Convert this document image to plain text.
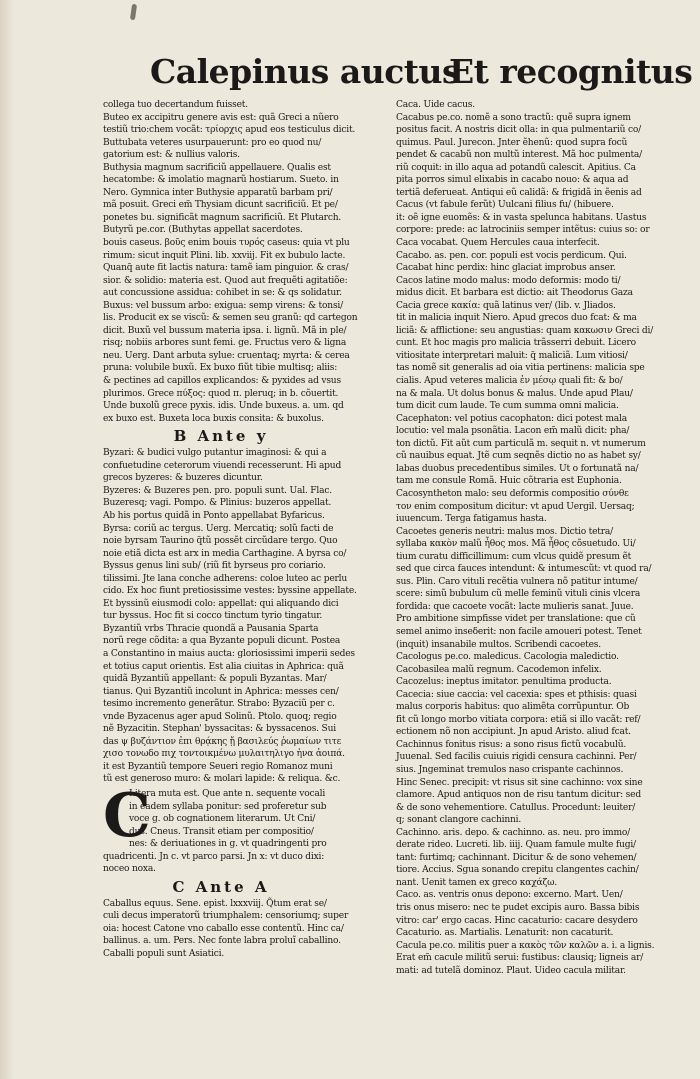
Calepinus auctus
Et recognitus
collega tuo decertandum fuisset.
Buteo ex accipitru genere avis est: quã Greci a nũero
testiũ trio:chem vocãt: τρίορχις apud eos testiculus dicit.
Buttubata veteres usurpauerunt: pro eo quod nu/
gatorium est: & nullius valoris.
Buthysia magnum sacrificiũ appellauere. Qualis est
hecatombe: & imolatio magnarũ hostiarum. Sueto. in
Nero. Gymnica inter Buthysie apparatũ barbam pri/
mã posuit. Greci em̃ Thysiam dicunt sacrificiũ. Et pe/
ponetes bu. significãt magnum sacrificiũ. Et Plutarch.
Butyrũ pe.cor. (Buthytas appellat sacerdotes.
bouis caseus. βοῦς enim bouis τυρός caseus: quia vt plu
rimum: sicut inquit Plini. lib. xxviij. Fit ex bubulo lacte.
Quanq̃ aute fit lactis natura: tamẽ iam pinguior. & cras/
sior. & solidio: materia est. Quod aut frequẽti agitatiõe:
aut concussione assidua: cohibet in se: & qs solidatur.
Buxus: vel bussum arbo: exigua: semp virens: & tonsi/
lis. Producit ex se viscũ: & semen seu granũ: qd cartegon
dicit. Buxũ vel bussum materia ipsa. i. lignũ. Mã in ple/
risq; nobiis arbores sunt femi. ge. Fructus vero & ligna
neu. Uerg. Dant arbuta sylue: cruentaq; myrta: & cerea
pruna: volubile buxũ. Ex buxo fiũt tibie multisq; aliis:
& pectines ad capillos explicandos: & pyxides ad vsus
plurimos. Grece πύξος: quod π. pleruq; in b. cõuertit.
Unde buxolũ grece pyxis. idis. Unde buxeus. a. um. qd
ex buxo est. Buxeta loca buxis consita: & buxolus.
B Ante y
Byzari: & budici vulgo putantur imaginosi: & qui a
confuetudine ceterorum viuendi recesserunt. Hi apud
grecos byzeres: & buzeres dicuntur.
Byzeres: & Buzeres pen. pro. populi sunt. Ual. Flac.
Buzeresq; vagi. Pompo. & Plinius: buzeros appellat.
Ab his portus quidã in Ponto appellabat Byfaricus.
Byrsa: coriũ ac tergus. Uerg. Mercatiq; solũ facti de
noie byrsam Taurino q̃tũ possẽt circũdare tergo. Quo
noie etiã dicta est arx in media Carthagine. A byrsa co/
Byssus genus lini sub/ (riũ fit byrseus pro coriario.
tilissimi. Jte lana conche adherens: coloe luteo ac perlu
cido. Ex hoc fiunt pretiosissime vestes: byssine appellate.
Et byssinũ eiusmodi colo: appellat: qui aliquando dici
tur byssus. Hoc fit si cocco tinctum tyrio tingatur.
Byzantiũ vrbs Thracie quondã a Pausania Sparta
norũ rege cõdita: a qua Byzante populi dicunt. Postea
a Constantino in maius aucta: gloriosissimi imperii sedes
et totius caput orientis. Est alia ciuitas in Aphrica: quã
quidã Byzantiũ appellant: & populi Byzantas. Mar/
tianus. Qui Byzantiũ incolunt in Aphrica: messes cen/
tesimo incremento generãtur. Strabo: Byzaciũ per c.
vnde Byzacenus ager apud Solinũ. Ptolo. quoq; regio
nẽ Byzacitin. Stephan' byssacitas: & byssacenos. Sui
das ψ βυζάντιον ἐπι θρᾴκης ᾔ βασιλεύς ῥωμαίων τιτε
χισο τονωδο πιχ τοντοικμένω μυλαιτηλιγο ἡνα ἀοιπά.
it est Byzantiũ tempore Seueri regio Romanoz muni
tũ est generoso muro: & molari lapide: & reliqua. &c.
C
Litera muta est. Que ante n. sequente vocali
in eadem syllaba ponitur: sed proferetur sub
voce g. ob cognationem literarum. Ut Cni/
dus. Cneus. Transit etiam per compositio/
nes: & deriuationes in g. vt quadringenti pro
quadricenti. Jn c. vt parco parsi. Jn x: vt duco dixi:
noceo noxa.
C Ante A
Caballus equus. Sene. epist. lxxxviij. Q̃tum erat se/
culi decus imperatorũ triumphalem: censoriumq; super
oia: hocest Catone vno caballo esse contentũ. Hinc ca/
ballinus. a. um. Pers. Nec fonte labra proluĩ caballino.
Caballi populi sunt Asiatici.
Caca. Uide cacus.
Cacabus pe.co. nomẽ a sono tractũ: quẽ supra ignem
positus facit. A nostris dicit olla: in qua pulmentariũ co/
quimus. Paul. Jurecon. Jnter ẽhenũ: quod supra focũ
pendet & cacabũ non multũ interest. Mã hoc pulmenta/
riũ coquit: in illo aqua ad potandũ calescit. Apitius. Ca
pita porros simul elixabis in cacabo nouo: & aqua ad
tertiã deferueat. Antiqui eũ calidã: & frigidã in ẽenis ad
Cacus (vt fabule ferũt) Uulcani filius fu/ (hibuere.
it: oẽ igne euomẽs: & in vasta spelunca habitans. Uastus
corpore: prede: ac latrociniis semper intẽtus: cuius so: or
Caca vocabat. Quem Hercules caua interfecit.
Cacabo. as. pen. cor. populi est vocis perdicum. Qui.
Cacabat hinc perdix: hinc glaciat improbus anser.
Cacos latine modo malus: modo deformis: modo ti/
midus dicit. Et barbara est dictio: ait Theodorus Gaza
Cacia grece κακία: quã latinus ver/ (lib. v. Jliados.
tit in malicia inquit Niero. Apud grecos duo fcat: & ma
liciã: & afflictione: seu angustias: quam κακωσιν Greci di/
cunt. Et hoc magis pro malicia trãsserri debuit. Licero
vitiositate interpretari maluit: q̃ maliciã. Lum vitiosi/
tas nomẽ sit generalis ad oia vitia pertinens: malicia spe
cialis. Apud veteres malicia ἐν μέσῳ quali fit: & bo/
na & mala. Ut dolus bonus & malus. Unde apud Plau/
tum dicit cum laude. Te cum summa omni malicia.
Cacephaton: vel potius cacophaton: dici potest mala
locutio: vel mala psonãtia. Lacon em̃ malũ dicit: pha/
ton dictũ. Fit aũt cum particulã m. sequit n. vt numerum
cũ nauibus equat. Jtẽ cum seqnẽs dictio no as habet sy/
labas duobus precedentibus similes. Ut o fortunatã na/
tam me consule Romã. Huic cõtraria est Euphonia.
Cacosyntheton malo: seu deformis compositio σύνθε
τον enim compositum dicitur: vt apud Uergil. Uersaq;
iuuencum. Terga fatigamus hasta.
Cacoetes generis neutri: malus mos. Dictio tetra/
syllaba κακὸν malũ ἦθος mos. Mã ἦθος cõsuetudo. Ui/
tium curatu difficillimum: cum vlcus quidẽ presum ẽt
sed que circa fauces intendunt: & intumescũt: vt quod ra/
sus. Plin. Caro vituli recẽtia vulnera nõ patitur intume/
scere: simũ bubulum cũ melle feminũ vituli cinis vlcera
fordida: que cacoete vocãt: lacte mulieris sanat. Juue.
Pro ambitione simpfisse videt per translatione: que cũ
semel animo inseδerit: non facile amoueri potest. Tenet
(inquit) insanabile multos. Scribendi cacoetes.
Cacologus pe.co. maledicus. Cacologia maledictio.
Cacobasilea malũ regnum. Cacodemon infelix.
Cacozelus: ineptus imitator. penultima producta.
Cacecia: siue caccia: vel cacexia: spes et pthisis: quasi
malus corporis habitus: quo alimẽta corrũpuntur. Ob
fit cũ longo morbo vitiata corpora: etiã si illo vacãt: ref/
ectionem nõ non accipiunt. Jn apud Aristo. aliud fcat.
Cachinnus fonitus risus: a sono risus fictũ vocabulũ.
Juuenal. Sed facilis cuiuis rigidi censura cachinni. Per/
sius. Jngeminat tremulos naso crispante cachinnos.
Hinc Senec. precipit: vt risus sit sine cachinno: vox sine
clamore. Apud antiquos non de risu tantum dicitur: sed
& de sono vehementiore. Catullus. Procedunt: leuiter/
q; sonant clangore cachinni.
Cachinno. aris. depo. & cachinno. as. neu. pro immo/
derate rideo. Lucreti. lib. iiij. Quam famule multe fugi/
tant: furtimq; cachinnant. Dicitur & de sono vehemen/
tiore. Accius. Sgua sonando crepitu clangentes cachin/
nant. Uenit tamen ex greco καχάζω.
Caco. as. ventris onus depono: excerno. Mart. Uen/
tris onus misero: nec te pudet excipis auro. Bassa bibis
vitro: car' ergo cacas. Hinc cacaturio: cacare desydero
Cacaturio. as. Martialis. Lenaturit: non cacaturit.
Cacula pe.co. militis puer a κακὸς τῶν καλῶν a. i. a lignis.
Erat em̃ cacule militũ serui: fustibus: clausiq; ligneis ar/
mati: ad tutelã dominoz. Plaut. Uideo cacula militar.
